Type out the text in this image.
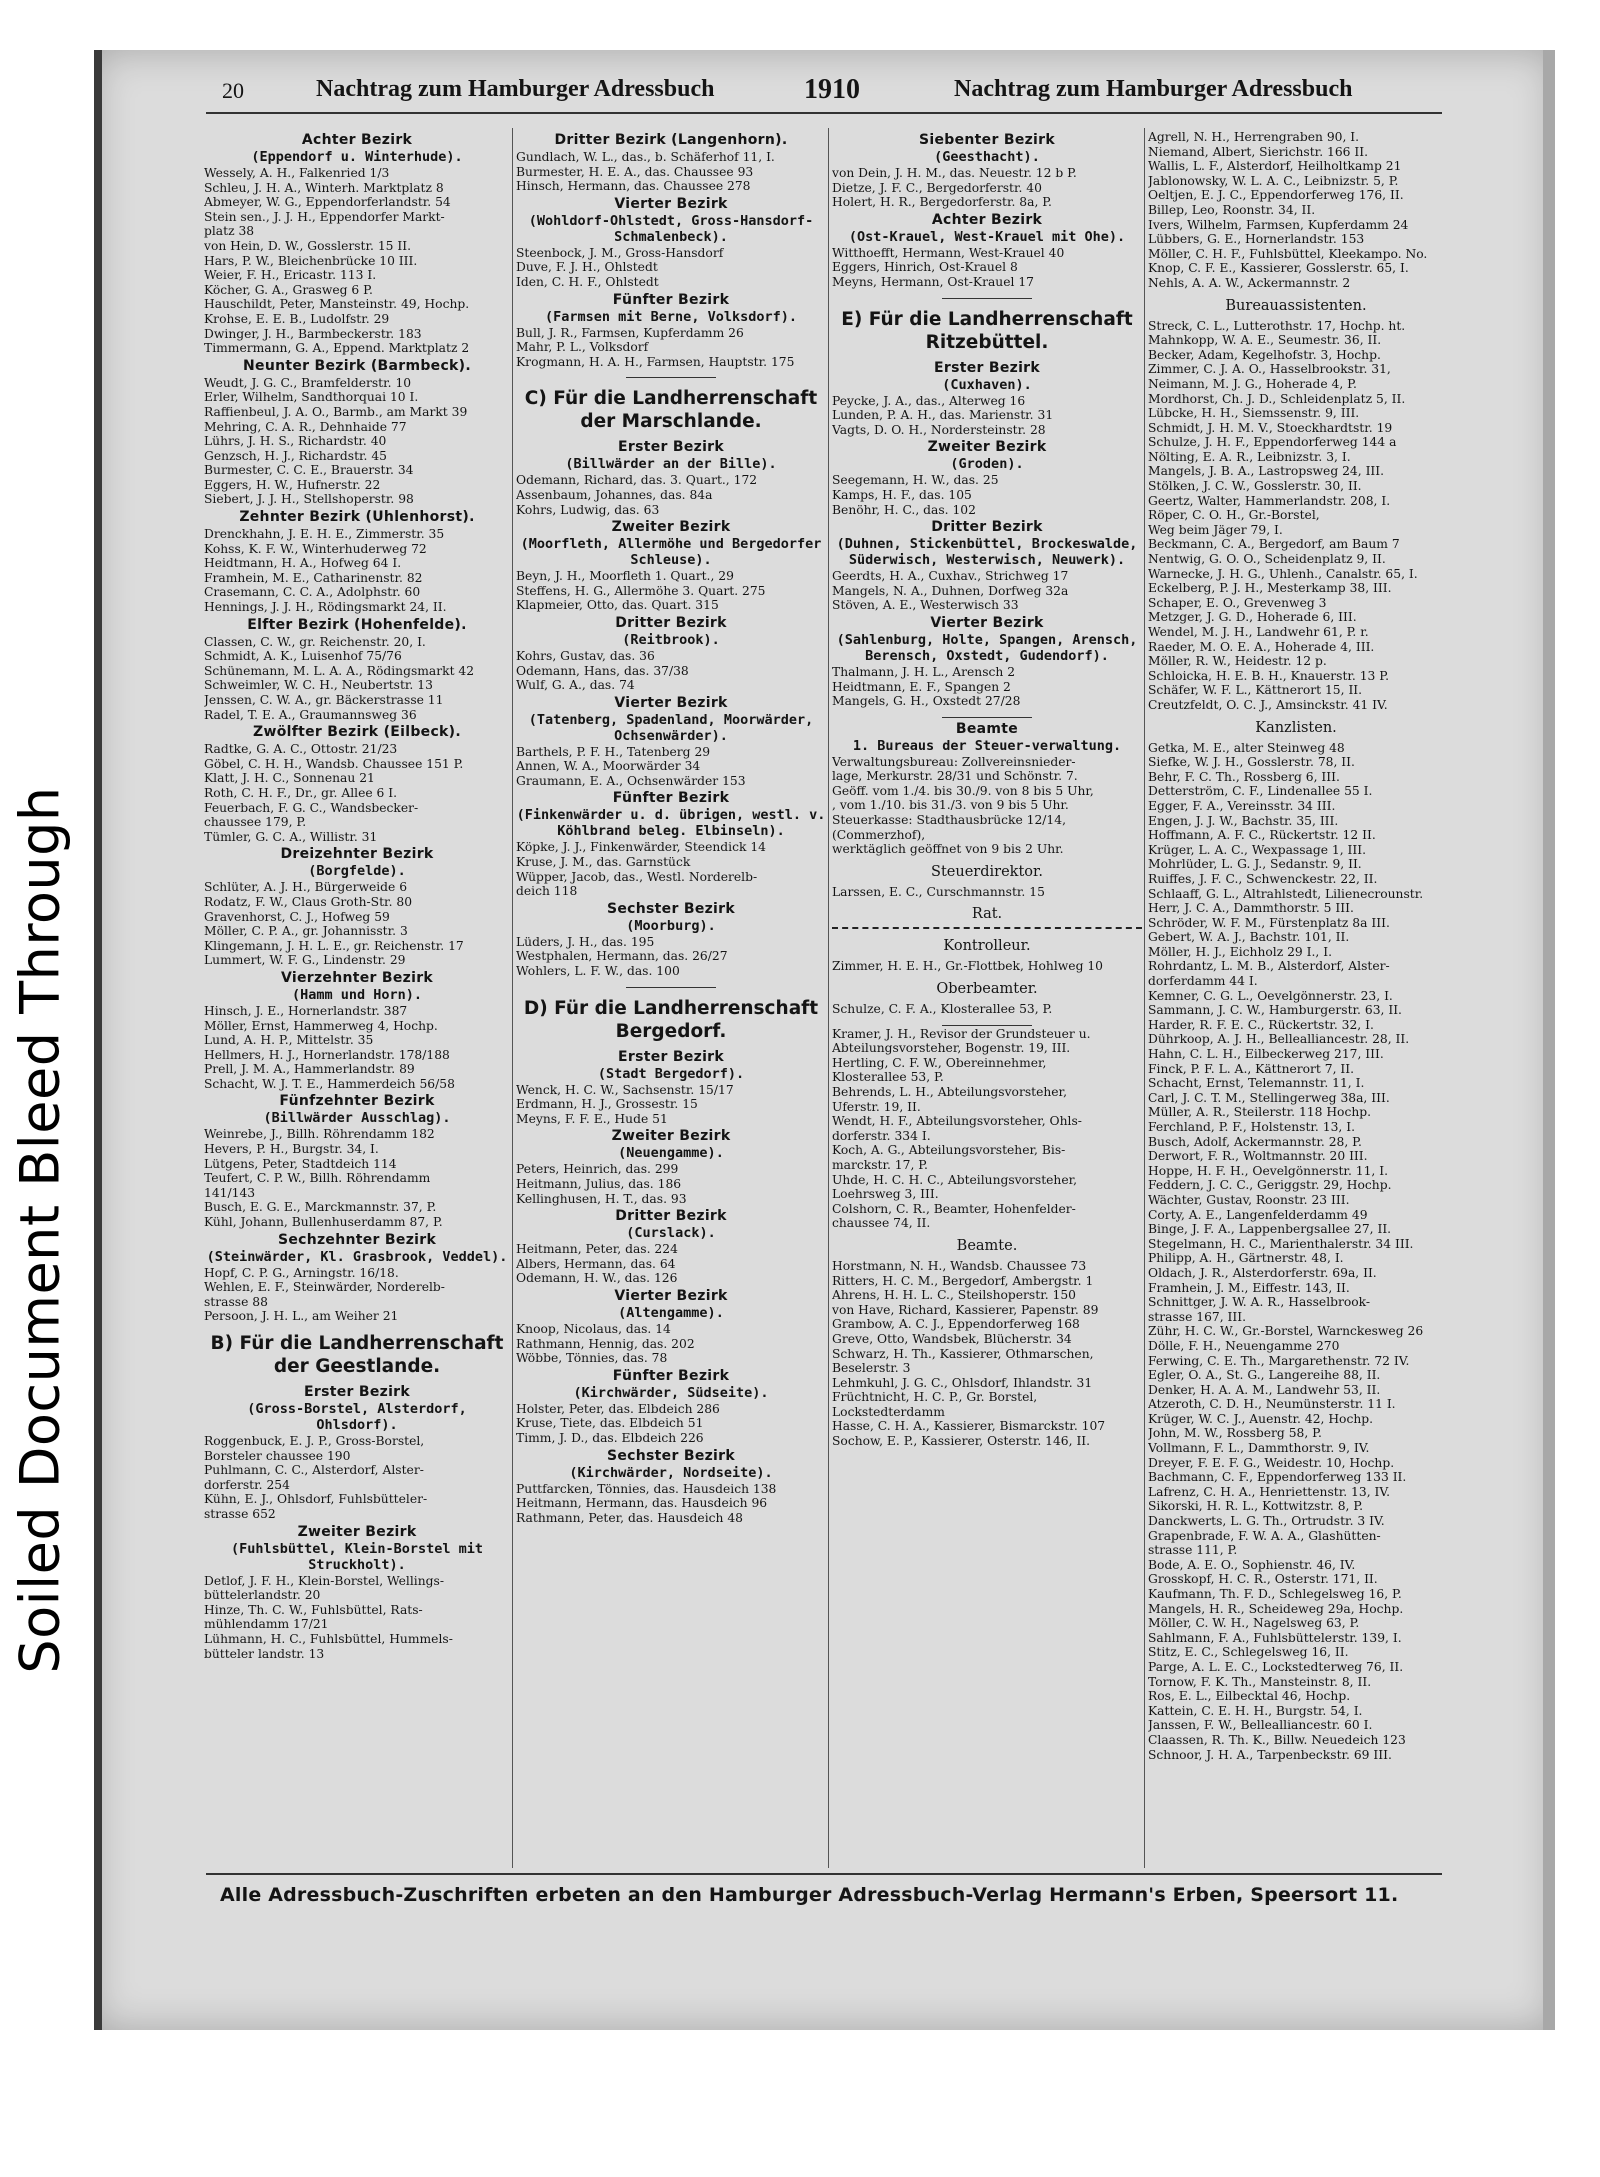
Soiled Document Bleed Through
20	Nachtrag zum Hamburger Adressbuch	1910	Nachtrag zum Hamburger Adressbuch
Achter Bezirk
(Eppendorf u. Winterhude).
Wessely, A. H., Falkenried 1/3
Schleu, J. H. A., Winterh. Marktplatz 8
Abmeyer, W. G., Eppendorferlandstr. 54
Stein sen., J. J. H., Eppendorfer Markt-
platz 38
von Hein, D. W., Gosslerstr. 15 II.
Hars, P. W., Bleichenbrücke 10 III.
Weier, F. H., Ericastr. 113 I.
Köcher, G. A., Grasweg 6 P.
Hauschildt, Peter, Mansteinstr. 49, Hochp.
Krohse, E. E. B., Ludolfstr. 29
Dwinger, J. H., Barmbeckerstr. 183
Timmermann, G. A., Eppend. Marktplatz 2
Neunter Bezirk (Barmbeck).
Weudt, J. G. C., Bramfelderstr. 10
Erler, Wilhelm, Sandthorquai 10 I.
Raffienbeul, J. A. O., Barmb., am Markt 39
Mehring, C. A. R., Dehnhaide 77
Lührs, J. H. S., Richardstr. 40
Genzsch, H. J., Richardstr. 45
Burmester, C. C. E., Brauerstr. 34
Eggers, H. W., Hufnerstr. 22
Siebert, J. J. H., Stellshoperstr. 98
Zehnter Bezirk (Uhlenhorst).
Drenckhahn, J. E. H. E., Zimmerstr. 35
Kohss, K. F. W., Winterhuderweg 72
Heidtmann, H. A., Hofweg 64 I.
Framhein, M. E., Catharinenstr. 82
Crasemann, C. C. A., Adolphstr. 60
Hennings, J. J. H., Rödingsmarkt 24, II.
Elfter Bezirk (Hohenfelde).
Classen, C. W., gr. Reichenstr. 20, I.
Schmidt, A. K., Luisenhof 75/76
Schünemann, M. L. A. A., Rödingsmarkt 42
Schweimler, W. C. H., Neubertstr. 13
Jenssen, C. W. A., gr. Bäckerstrasse 11
Radel, T. E. A., Graumannsweg 36
Zwölfter Bezirk (Eilbeck).
Radtke, G. A. C., Ottostr. 21/23
Göbel, C. H. H., Wandsb. Chaussee 151 P.
Klatt, J. H. C., Sonnenau 21
Roth, C. H. F., Dr., gr. Allee 6 I.
Feuerbach, F. G. C., Wandsbecker-
chaussee 179, P.
Tümler, G. C. A., Willistr. 31
Dreizehnter Bezirk
(Borgfelde).
Schlüter, A. J. H., Bürgerweide 6
Rodatz, F. W., Claus Groth-Str. 80
Gravenhorst, C. J., Hofweg 59
Möller, C. P. A., gr. Johannisstr. 3
Klingemann, J. H. L. E., gr. Reichenstr. 17
Lummert, W. F. G., Lindenstr. 29
Vierzehnter Bezirk
(Hamm und Horn).
Hinsch, J. E., Hornerlandstr. 387
Möller, Ernst, Hammerweg 4, Hochp.
Lund, A. H. P., Mittelstr. 35
Hellmers, H. J., Hornerlandstr. 178/188
Prell, J. M. A., Hammerlandstr. 89
Schacht, W. J. T. E., Hammerdeich 56/58
Fünfzehnter Bezirk
(Billwärder Ausschlag).
Weinrebe, J., Billh. Röhrendamm 182
Hevers, P. H., Burgstr. 34, I.
Lütgens, Peter, Stadtdeich 114
Teufert, C. P. W., Billh. Röhrendamm
141/143
Busch, E. G. E., Marckmannstr. 37, P.
Kühl, Johann, Bullenhuserdamm 87, P.
Sechzehnter Bezirk
(Steinwärder, Kl. Grasbrook, Veddel).
Hopf, C. P. G., Arningstr. 16/18.
Wehlen, E. F., Steinwärder, Norderelb-
strasse 88
Persoon, J. H. L., am Weiher 21
B) Für die Landherrenschaft der Geestlande.
Erster Bezirk
(Gross-Borstel, Alsterdorf, Ohlsdorf).
Roggenbuck, E. J. P., Gross-Borstel,
Borsteler chaussee 190
Puhlmann, C. C., Alsterdorf, Alster-
dorferstr. 254
Kühn, E. J., Ohlsdorf, Fuhlsbütteler-
strasse 652
Zweiter Bezirk
(Fuhlsbüttel, Klein-Borstel mit Struckholt).
Detlof, J. F. H., Klein-Borstel, Wellings-
büttelerlandstr. 20
Hinze, Th. C. W., Fuhlsbüttel, Rats-
mühlendamm 17/21
Lühmann, H. C., Fuhlsbüttel, Hummels-
bütteler landstr. 13
Dritter Bezirk (Langenhorn).
Gundlach, W. L., das., b. Schäferhof 11, I.
Burmester, H. E. A., das. Chaussee 93
Hinsch, Hermann, das. Chaussee 278
Vierter Bezirk
(Wohldorf-Ohlstedt, Gross-Hansdorf-Schmalenbeck).
Steenbock, J. M., Gross-Hansdorf
Duve, F. J. H., Ohlstedt
Iden, C. H. F., Ohlstedt
Fünfter Bezirk
(Farmsen mit Berne, Volksdorf).
Bull, J. R., Farmsen, Kupferdamm 26
Mahr, P. L., Volksdorf
Krogmann, H. A. H., Farmsen, Hauptstr. 175
C) Für die Landherrenschaft der Marschlande.
Erster Bezirk
(Billwärder an der Bille).
Odemann, Richard, das. 3. Quart., 172
Assenbaum, Johannes, das. 84a
Kohrs, Ludwig, das. 63
Zweiter Bezirk
(Moorfleth, Allermöhe und Bergedorfer Schleuse).
Beyn, J. H., Moorfleth 1. Quart., 29
Steffens, H. G., Allermöhe 3. Quart. 275
Klapmeier, Otto, das. Quart. 315
Dritter Bezirk
(Reitbrook).
Kohrs, Gustav, das. 36
Odemann, Hans, das. 37/38
Wulf, G. A., das. 74
Vierter Bezirk
(Tatenberg, Spadenland, Moorwärder, Ochsenwärder).
Barthels, P. F. H., Tatenberg 29
Annen, W. A., Moorwärder 34
Graumann, E. A., Ochsenwärder 153
Fünfter Bezirk
(Finkenwärder u. d. übrigen, westl. v. Köhlbrand beleg. Elbinseln).
Köpke, J. J., Finkenwärder, Steendick 14
Kruse, J. M., das. Garnstück
Wüpper, Jacob, das., Westl. Norderelb-
deich 118
Sechster Bezirk
(Moorburg).
Lüders, J. H., das. 195
Westphalen, Hermann, das. 26/27
Wohlers, L. F. W., das. 100
D) Für die Landherrenschaft Bergedorf.
Erster Bezirk
(Stadt Bergedorf).
Wenck, H. C. W., Sachsenstr. 15/17
Erdmann, H. J., Grossestr. 15
Meyns, F. F. E., Hude 51
Zweiter Bezirk
(Neuengamme).
Peters, Heinrich, das. 299
Heitmann, Julius, das. 186
Kellinghusen, H. T., das. 93
Dritter Bezirk
(Curslack).
Heitmann, Peter, das. 224
Albers, Hermann, das. 64
Odemann, H. W., das. 126
Vierter Bezirk
(Altengamme).
Knoop, Nicolaus, das. 14
Rathmann, Hennig, das. 202
Wöbbe, Tönnies, das. 78
Fünfter Bezirk
(Kirchwärder, Südseite).
Holster, Peter, das. Elbdeich 286
Kruse, Tiete, das. Elbdeich 51
Timm, J. D., das. Elbdeich 226
Sechster Bezirk
(Kirchwärder, Nordseite).
Puttfarcken, Tönnies, das. Hausdeich 138
Heitmann, Hermann, das. Hausdeich 96
Rathmann, Peter, das. Hausdeich 48
Siebenter Bezirk
(Geesthacht).
von Dein, J. H. M., das. Neuestr. 12 b P.
Dietze, J. F. C., Bergedorferstr. 40
Holert, H. R., Bergedorferstr. 8a, P.
Achter Bezirk
(Ost-Krauel, West-Krauel mit Ohe).
Witthoefft, Hermann, West-Krauel 40
Eggers, Hinrich, Ost-Krauel 8
Meyns, Hermann, Ost-Krauel 17
E) Für die Landherrenschaft Ritzebüttel.
Erster Bezirk
(Cuxhaven).
Peycke, J. A., das., Alterweg 16
Lunden, P. A. H., das. Marienstr. 31
Vagts, D. O. H., Nordersteinstr. 28
Zweiter Bezirk
(Groden).
Seegemann, H. W., das. 25
Kamps, H. F., das. 105
Benöhr, H. C., das. 102
Dritter Bezirk
(Duhnen, Stickenbüttel, Brockeswalde, Süderwisch, Westerwisch, Neuwerk).
Geerdts, H. A., Cuxhav., Strichweg 17
Mangels, N. A., Duhnen, Dorfweg 32a
Stöven, A. E., Westerwisch 33
Vierter Bezirk
(Sahlenburg, Holte, Spangen, Arensch, Berensch, Oxstedt, Gudendorf).
Thalmann, J. H. L., Arensch 2
Heidtmann, E. F., Spangen 2
Mangels, G. H., Oxstedt 27/28
Beamte
1. Bureaus der Steuer-verwaltung.
Verwaltungsbureau: Zollvereinsnieder-
lage, Merkurstr. 28/31 und Schönstr. 7.
Geöff. vom 1./4. bis 30./9. von 8 bis 5 Uhr,
, vom 1./10. bis 31./3. von 9 bis 5 Uhr.
Steuerkasse: Stadthausbrücke 12/14,
(Commerzhof),
werktäglich geöffnet von 9 bis 2 Uhr.
Steuerdirektor.
Larssen, E. C., Curschmannstr. 15
Rat.
Kontrolleur.
Zimmer, H. E. H., Gr.-Flottbek, Hohlweg 10
Oberbeamter.
Schulze, C. F. A., Klosterallee 53, P.
Kramer, J. H., Revisor der Grundsteuer u.
Abteilungsvorsteher, Bogenstr. 19, III.
Hertling, C. F. W., Obereinnehmer,
Klosterallee 53, P.
Behrends, L. H., Abteilungsvorsteher,
Uferstr. 19, II.
Wendt, H. F., Abteilungsvorsteher, Ohls-
dorferstr. 334 I.
Koch, A. G., Abteilungsvorsteher, Bis-
marckstr. 17, P.
Uhde, H. C. H. C., Abteilungsvorsteher,
Loehrsweg 3, III.
Colshorn, C. R., Beamter, Hohenfelder-
chaussee 74, II.
Beamte.
Horstmann, N. H., Wandsb. Chaussee 73
Ritters, H. C. M., Bergedorf, Ambergstr. 1
Ahrens, H. H. L. C., Steilshoperstr. 150
von Have, Richard, Kassierer, Papenstr. 89
Grambow, A. C. J., Eppendorferweg 168
Greve, Otto, Wandsbek, Blücherstr. 34
Schwarz, H. Th., Kassierer, Othmarschen,
Beselerstr. 3
Lehmkuhl, J. G. C., Ohlsdorf, Ihlandstr. 31
Früchtnicht, H. C. P., Gr. Borstel,
Lockstedterdamm
Hasse, C. H. A., Kassierer, Bismarckstr. 107
Sochow, E. P., Kassierer, Osterstr. 146, II.
Agrell, N. H., Herrengraben 90, I.
Niemand, Albert, Sierichstr. 166 II.
Wallis, L. F., Alsterdorf, Heilholtkamp 21
Jablonowsky, W. L. A. C., Leibnizstr. 5, P.
Oeltjen, E. J. C., Eppendorferweg 176, II.
Billep, Leo, Roonstr. 34, II.
Ivers, Wilhelm, Farmsen, Kupferdamm 24
Lübbers, G. E., Hornerlandstr. 153
Möller, C. H. F., Fuhlsbüttel, Kleekampo. No.
Knop, C. F. E., Kassierer, Gosslerstr. 65, I.
Nehls, A. A. W., Ackermannstr. 2
Bureauassistenten.
Streck, C. L., Lutterothstr. 17, Hochp. ht.
Mahnkopp, W. A. E., Seumestr. 36, II.
Becker, Adam, Kegelhofstr. 3, Hochp.
Zimmer, C. J. A. O., Hasselbrookstr. 31,
Neimann, M. J. G., Hoherade 4, P.
Mordhorst, Ch. J. D., Schleidenplatz 5, II.
Lübcke, H. H., Siemssenstr. 9, III.
Schmidt, J. H. M. V., Stoeckhardtstr. 19
Schulze, J. H. F., Eppendorferweg 144 a
Nölting, E. A. R., Leibnizstr. 3, I.
Mangels, J. B. A., Lastropsweg 24, III.
Stölken, J. C. W., Gosslerstr. 30, II.
Geertz, Walter, Hammerlandstr. 208, I.
Röper, C. O. H., Gr.-Borstel,
Weg beim Jäger 79, I.
Beckmann, C. A., Bergedorf, am Baum 7
Nentwig, G. O. O., Scheidenplatz 9, II.
Warnecke, J. H. G., Uhlenh., Canalstr. 65, I.
Eckelberg, P. J. H., Mesterkamp 38, III.
Schaper, E. O., Grevenweg 3
Metzger, J. G. D., Hoherade 6, III.
Wendel, M. J. H., Landwehr 61, P. r.
Raeder, M. O. E. A., Hoherade 4, III.
Möller, R. W., Heidestr. 12 p.
Schloicka, H. E. B. H., Knauerstr. 13 P.
Schäfer, W. F. L., Kättnerort 15, II.
Creutzfeldt, O. C. J., Amsinckstr. 41 IV.
Kanzlisten.
Getka, M. E., alter Steinweg 48
Siefke, W. J. H., Gosslerstr. 78, II.
Behr, F. C. Th., Rossberg 6, III.
Detterström, C. F., Lindenallee 55 I.
Egger, F. A., Vereinsstr. 34 III.
Engen, J. J. W., Bachstr. 35, III.
Hoffmann, A. F. C., Rückertstr. 12 II.
Krüger, L. A. C., Wexpassage 1, III.
Mohrlüder, L. G. J., Sedanstr. 9, II.
Ruiffes, J. F. C., Schwenckestr. 22, II.
Schlaaff, G. L., Altrahlstedt, Lilienecrounstr.
Herr, J. C. A., Dammthorstr. 5 III.
Schröder, W. F. M., Fürstenplatz 8a III.
Gebert, W. A. J., Bachstr. 101, II.
Möller, H. J., Eichholz 29 I., I.
Rohrdantz, L. M. B., Alsterdorf, Alster-
dorferdamm 44 I.
Kemner, C. G. L., Oevelgönnerstr. 23, I.
Sammann, J. C. W., Hamburgerstr. 63, II.
Harder, R. F. E. C., Rückertstr. 32, I.
Dührkoop, A. J. H., Bellealliancestr. 28, II.
Hahn, C. L. H., Eilbeckerweg 217, III.
Finck, P. F. L. A., Kättnerort 7, II.
Schacht, Ernst, Telemannstr. 11, I.
Carl, J. C. T. M., Stellingerweg 38a, III.
Müller, A. R., Steilerstr. 118 Hochp.
Ferchland, P. F., Holstenstr. 13, I.
Busch, Adolf, Ackermannstr. 28, P.
Derwort, F. R., Woltmannstr. 20 III.
Hoppe, H. F. H., Oevelgönnerstr. 11, I.
Feddern, J. C. C., Geriggstr. 29, Hochp.
Wächter, Gustav, Roonstr. 23 III.
Corty, A. E., Langenfelderdamm 49
Binge, J. F. A., Lappenbergsallee 27, II.
Stegelmann, H. C., Marienthalerstr. 34 III.
Philipp, A. H., Gärtnerstr. 48, I.
Oldach, J. R., Alsterdorferstr. 69a, II.
Framhein, J. M., Eiffestr. 143, II.
Schnittger, J. W. A. R., Hasselbrook-
strasse 167, III.
Zühr, H. C. W., Gr.-Borstel, Warnckesweg 26
Dölle, F. H., Neuengamme 270
Ferwing, C. E. Th., Margarethenstr. 72 IV.
Egler, O. A., St. G., Langereihe 88, II.
Denker, H. A. A. M., Landwehr 53, II.
Atzeroth, C. D. H., Neumünsterstr. 11 I.
Krüger, W. C. J., Auenstr. 42, Hochp.
John, M. W., Rossberg 58, P.
Vollmann, F. L., Dammthorstr. 9, IV.
Dreyer, F. E. F. G., Weidestr. 10, Hochp.
Bachmann, C. F., Eppendorferweg 133 II.
Lafrenz, C. H. A., Henriettenstr. 13, IV.
Sikorski, H. R. L., Kottwitzstr. 8, P.
Danckwerts, L. G. Th., Ortrudstr. 3 IV.
Grapenbrade, F. W. A. A., Glashütten-
strasse 111, P.
Bode, A. E. O., Sophienstr. 46, IV.
Grosskopf, H. C. R., Osterstr. 171, II.
Kaufmann, Th. F. D., Schlegelsweg 16, P.
Mangels, H. R., Scheideweg 29a, Hochp.
Möller, C. W. H., Nagelsweg 63, P.
Sahlmann, F. A., Fuhlsbüttelerstr. 139, I.
Stitz, E. C., Schlegelsweg 16, II.
Parge, A. L. E. C., Lockstedterweg 76, II.
Tornow, F. K. Th., Mansteinstr. 8, II.
Ros, E. L., Eilbecktal 46, Hochp.
Kattein, C. E. H. H., Burgstr. 54, I.
Janssen, F. W., Bellealliancestr. 60 I.
Claassen, R. Th. K., Billw. Neuedeich 123
Schnoor, J. H. A., Tarpenbeckstr. 69 III.
Alle Adressbuch-Zuschriften erbeten an den Hamburger Adressbuch-Verlag Hermann's Erben, Speersort 11.
